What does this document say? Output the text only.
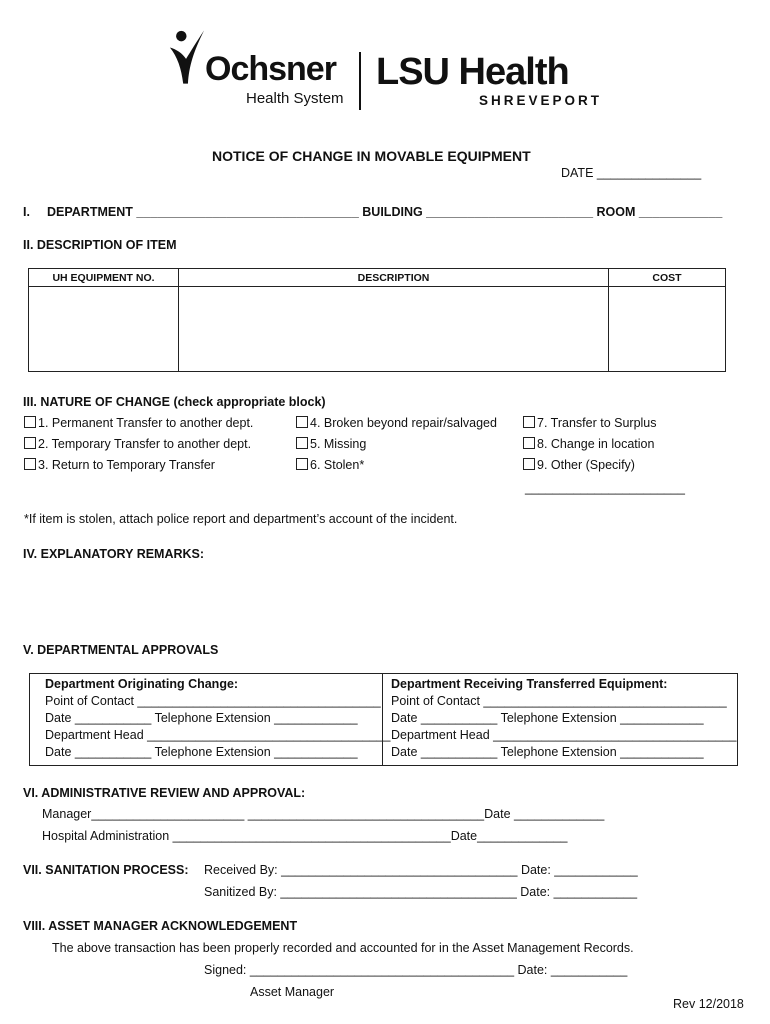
Ochsner
Health System
LSU Health
SHREVEPORT
NOTICE OF CHANGE IN MOVABLE EQUIPMENT
DATE _______________
I. DEPARTMENT ________________________________ BUILDING ________________________ ROOM ____________
II. DESCRIPTION OF ITEM
UH EQUIPMENT NO.	DESCRIPTION	COST

III. NATURE OF CHANGE (check appropriate block)
1. Permanent Transfer to another dept.
2. Temporary Transfer to another dept.
3. Return to Temporary Transfer
4. Broken beyond repair/salvaged
5. Missing
6. Stolen*
7. Transfer to Surplus
8. Change in location
9. Other (Specify)
_______________________
*If item is stolen, attach police report and department’s account of the incident.
IV. EXPLANATORY REMARKS:
V. DEPARTMENTAL APPROVALS
Department Originating Change:
Point of Contact ___________________________________
Date ___________ Telephone Extension ____________
Department Head ___________________________________
Date ___________ Telephone Extension ____________
Department Receiving Transferred Equipment:
Point of Contact ___________________________________
Date ___________ Telephone Extension ____________
Department Head ___________________________________
Date ___________ Telephone Extension ____________
VI. ADMINISTRATIVE REVIEW AND APPROVAL:
Manager______________________ __________________________________Date _____________
Hospital Administration ________________________________________Date_____________
VII. SANITATION PROCESS: Received By: __________________________________ Date: ____________
Sanitized By: __________________________________ Date: ____________
VIII. ASSET MANAGER ACKNOWLEDGEMENT
The above transaction has been properly recorded and accounted for in the Asset Management Records.
Signed: ______________________________________ Date: ___________
Asset Manager
Rev 12/2018
